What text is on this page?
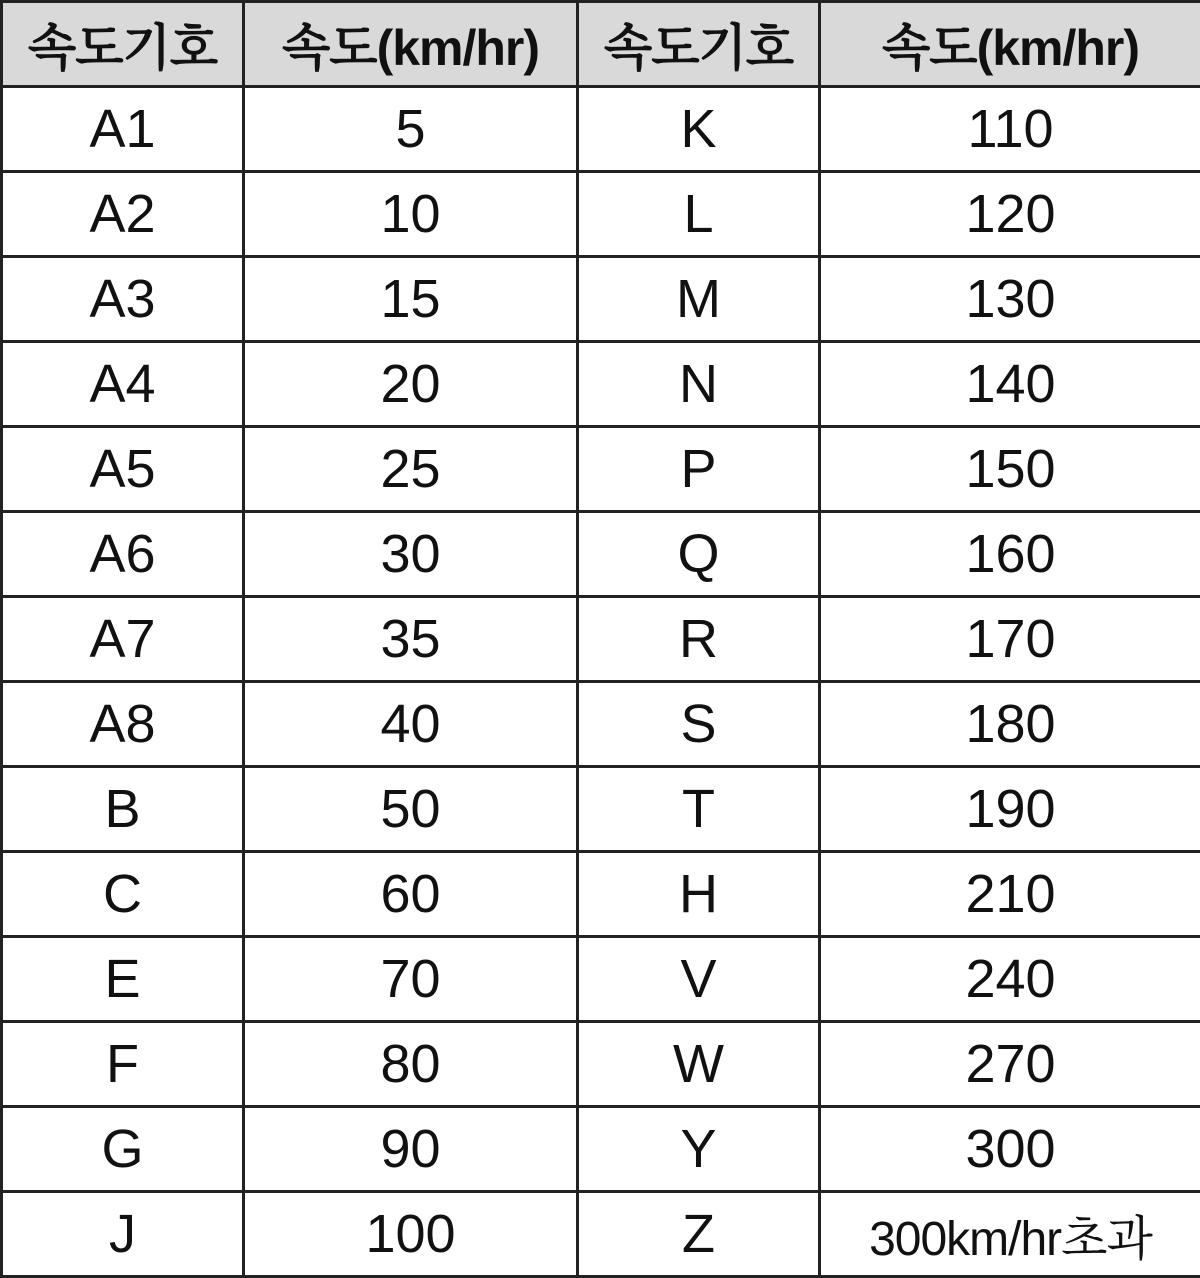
속도기호	속도(km/hr)	속도기호	속도(km/hr)
A1	5	K	110
A2	10	L	120
A3	15	M	130
A4	20	N	140
A5	25	P	150
A6	30	Q	160
A7	35	R	170
A8	40	S	180
B	50	T	190
C	60	H	210
E	70	V	240
F	80	W	270
G	90	Y	300
J	100	Z	300km/hr초과
